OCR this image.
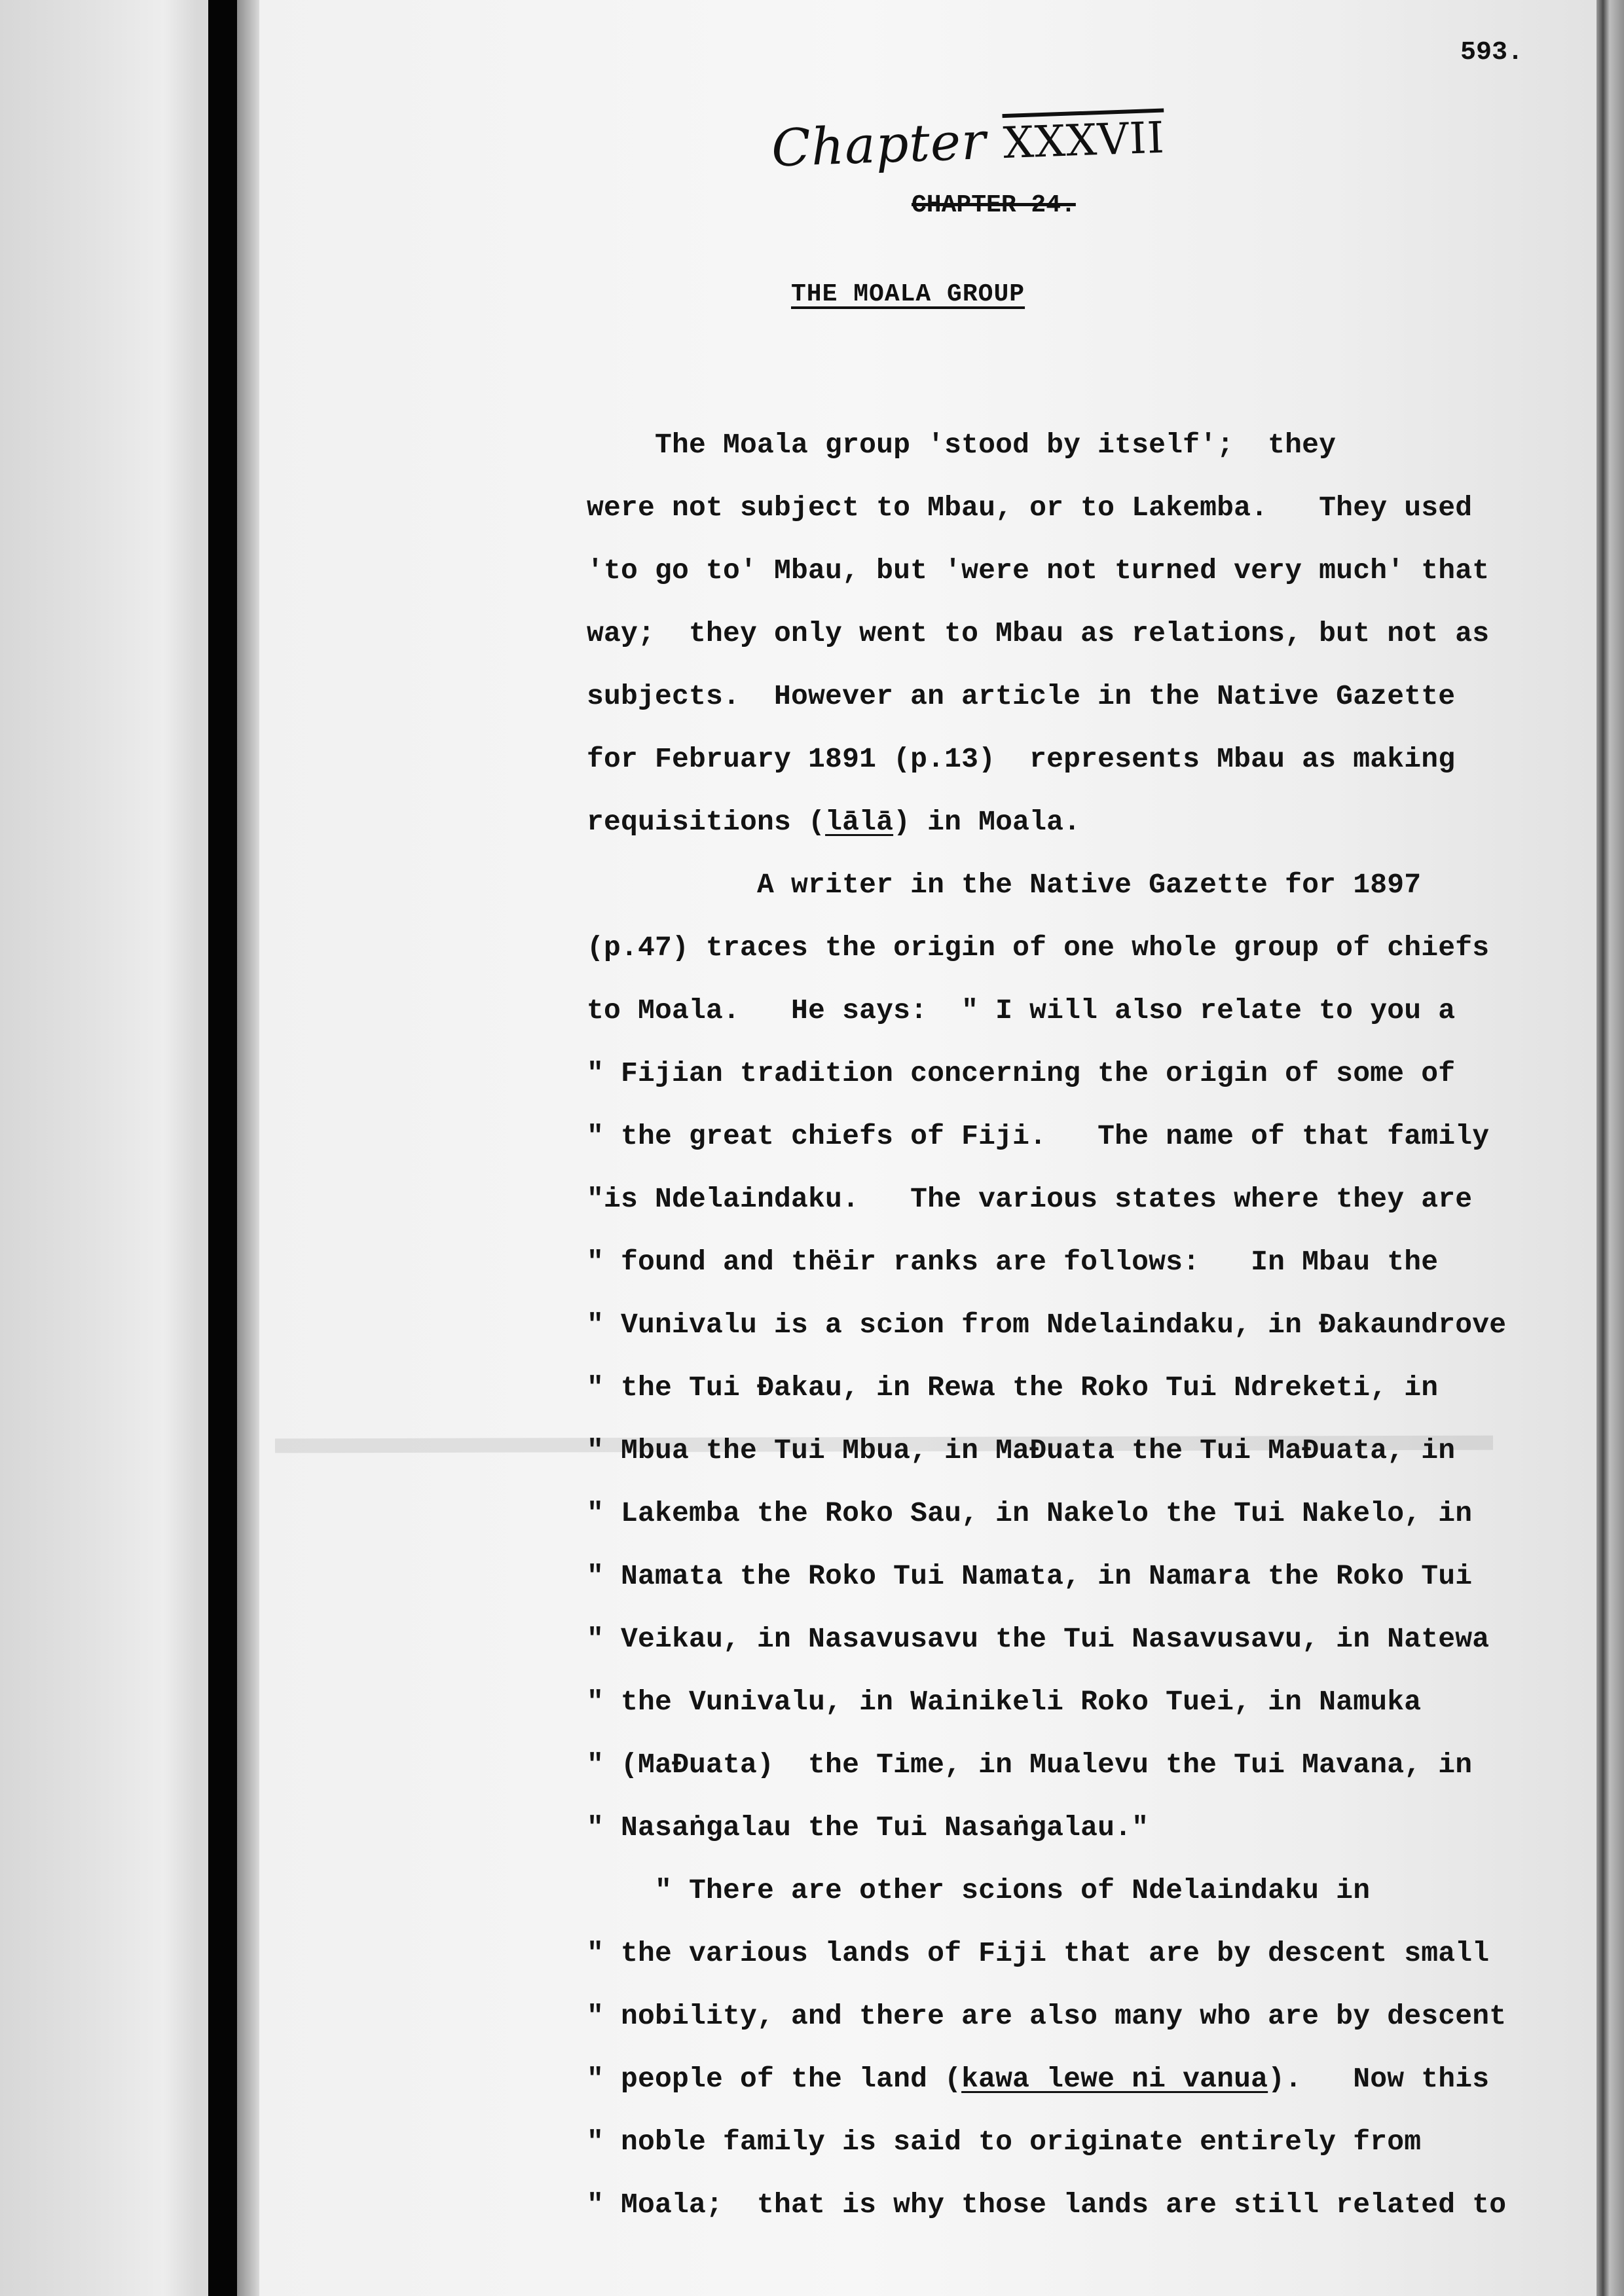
593.
Chapter XXXVII
CHAPTER 24.
THE MOALA GROUP
The Moala group 'stood by itself';  they
were not subject to Mbau, or to Lakemba.   They used
'to go to' Mbau, but 'were not turned very much' that
way;  they only went to Mbau as relations, but not as
subjects.  However an article in the Native Gazette
for February 1891 (p.13)  represents Mbau as making
requisitions (lālā) in Moala.
A writer in the Native Gazette for 1897
(p.47) traces the origin of one whole group of chiefs
to Moala.   He says:  " I will also relate to you a
" Fijian tradition concerning the origin of some of
" the great chiefs of Fiji.   The name of that family
"is Ndelaindaku.   The various states where they are
" found and thëir ranks are follows:   In Mbau the
" Vunivalu is a scion from Ndelaindaku, in Ðakaundrove
" the Tui Ðakau, in Rewa the Roko Tui Ndreketi, in
" Mbua the Tui Mbua, in MaÐuata the Tui MaÐuata, in
" Lakemba the Roko Sau, in Nakelo the Tui Nakelo, in
" Namata the Roko Tui Namata, in Namara the Roko Tui
" Veikau, in Nasavusavu the Tui Nasavusavu, in Natewa
" the Vunivalu, in Wainikeli Roko Tuei, in Namuka
" (MaÐuata)  the Time, in Mualevu the Tui Mavana, in
" Nasaṅgalau the Tui Nasaṅgalau."
" There are other scions of Ndelaindaku in
" the various lands of Fiji that are by descent small
" nobility, and there are also many who are by descent
" people of the land (kawa lewe ni vanua).   Now this
" noble family is said to originate entirely from
" Moala;  that is why those lands are still related to
